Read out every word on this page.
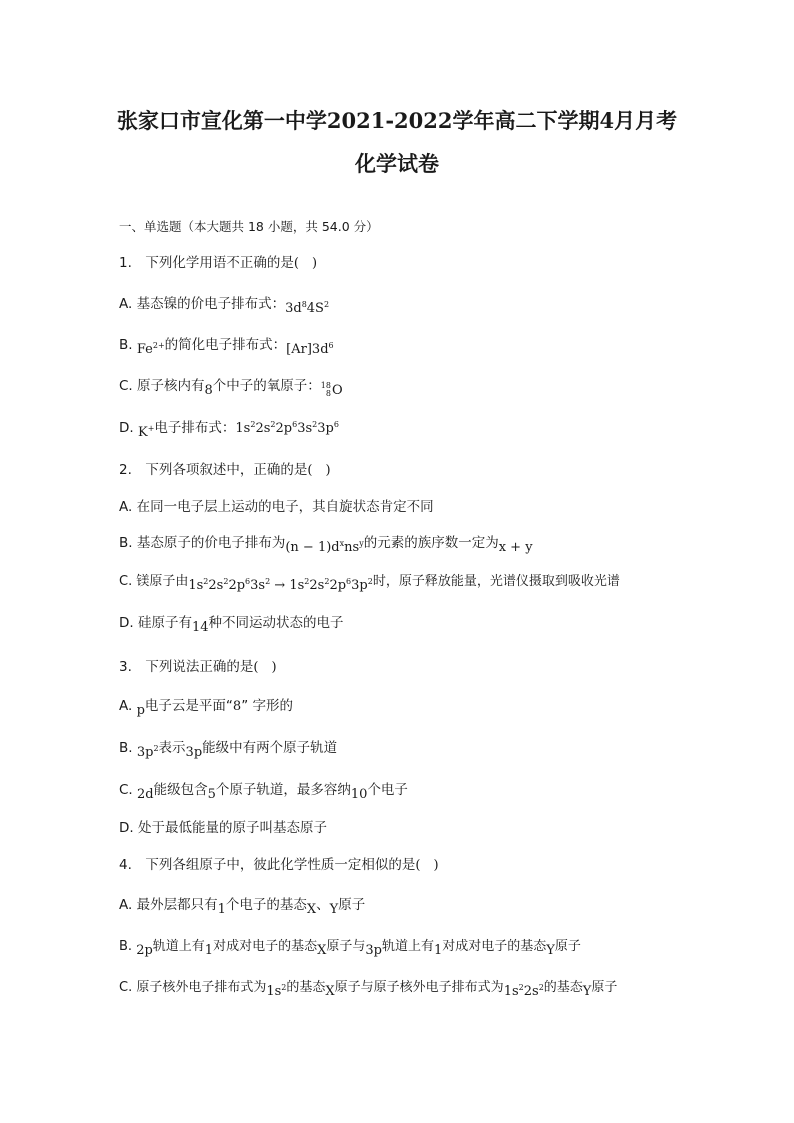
张家口市宣化第一中学2021-2022学年高二下学期4月月考
化学试卷
一、单选题（本大题共 18 小题，共 54.0 分）
1.　下列化学用语不正确的是(　)
A. 基态镍的价电子排布式：$3d^84S^2$
B. $Fe^{2+}$的简化电子排布式：$[Ar]3d^6$
C. 原子核内有8个中子的氧原子：18
8O
D. K+电子排布式：$1s^22s^22p^63s^23p^6$
2.　下列各项叙述中，正确的是(　)
A. 在同一电子层上运动的电子，其自旋状态肯定不同
B. 基态原子的价电子排布为$(n - 1)d^xns^y$的元素的族序数一定为x + y
C. 镁原子由$1s^22s^22p^63s^2 \to 1s^22s^22p^63p^2$时，原子释放能量，光谱仪摄取到吸收光谱
D. 硅原子有14种不同运动状态的电子
3.　下列说法正确的是(　)
A. p电子云是平面“8” 字形的
B. $3p^2$表示3p能级中有两个原子轨道
C. 2d能级包含5个原子轨道，最多容纳10个电子
D. 处于最低能量的原子叫基态原子
4.　下列各组原子中，彼此化学性质一定相似的是(　)
A. 最外层都只有1个电子的基态X、Y原子
B. 2p轨道上有1对成对电子的基态X原子与3p轨道上有1对成对电子的基态Y原子
C. 原子核外电子排布式为$1s^2$的基态X原子与原子核外电子排布式为$1s^22s^2$的基态Y原子
